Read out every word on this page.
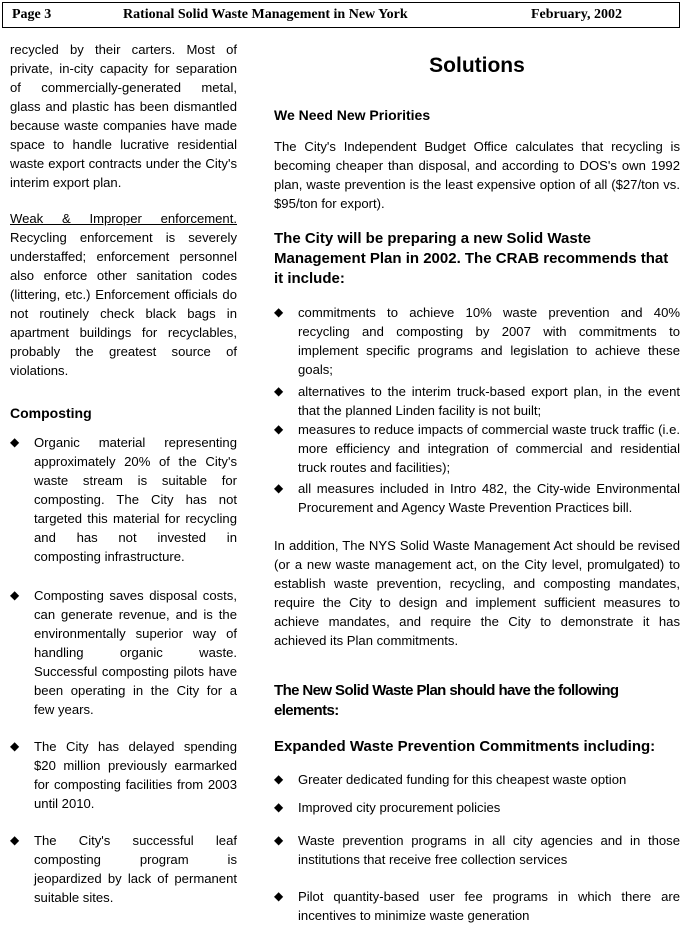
Page 3	Rational Solid Waste Management in New York	February, 2002

recycled by their carters. Most of private, in-city capacity for separation of commercially-generated metal, glass and plastic has been dismantled because waste companies have made space to handle lucrative residential waste export contracts under the City's interim export plan.

Weak & Improper enforcement. Recycling enforcement is severely understaffed; enforcement personnel also enforce other sanitation codes (littering, etc.) Enforcement officials do not routinely check black bags in apartment buildings for recyclables, probably the greatest source of violations.

Composting

◆ Organic material representing approximately 20% of the City's waste stream is suitable for composting. The City has not targeted this material for recycling and has not invested in composting infrastructure.
◆ Composting saves disposal costs, can generate revenue, and is the environmentally superior way of handling organic waste. Successful composting pilots have been operating in the City for a few years.
◆ The City has delayed spending $20 million previously earmarked for composting facilities from 2003 until 2010.
◆ The City's successful leaf composting program is jeopardized by lack of permanent suitable sites.

Solutions

We Need New Priorities

The City's Independent Budget Office calculates that recycling is becoming cheaper than disposal, and according to DOS's own 1992 plan, waste prevention is the least expensive option of all ($27/ton vs. $95/ton for export).

The City will be preparing a new Solid Waste Management Plan in 2002. The CRAB recommends that it include:

◆ commitments to achieve 10% waste prevention and 40% recycling and composting by 2007 with commitments to implement specific programs and legislation to achieve these goals;
◆ alternatives to the interim truck-based export plan, in the event that the planned Linden facility is not built;
◆ measures to reduce impacts of commercial waste truck traffic (i.e. more efficiency and integration of commercial and residential truck routes and facilities);
◆ all measures included in Intro 482, the City-wide Environmental Procurement and Agency Waste Prevention Practices bill.

In addition, The NYS Solid Waste Management Act should be revised (or a new waste management act, on the City level, promulgated) to establish waste prevention, recycling, and composting mandates, require the City to design and implement sufficient measures to achieve mandates, and require the City to demonstrate it has achieved its Plan commitments.

The New Solid Waste Plan should have the following elements:

Expanded Waste Prevention Commitments including:

◆ Greater dedicated funding for this cheapest waste option
◆ Improved city procurement policies
◆ Waste prevention programs in all city agencies and in those institutions that receive free collection services
◆ Pilot quantity-based user fee programs in which there are incentives to minimize waste generation
